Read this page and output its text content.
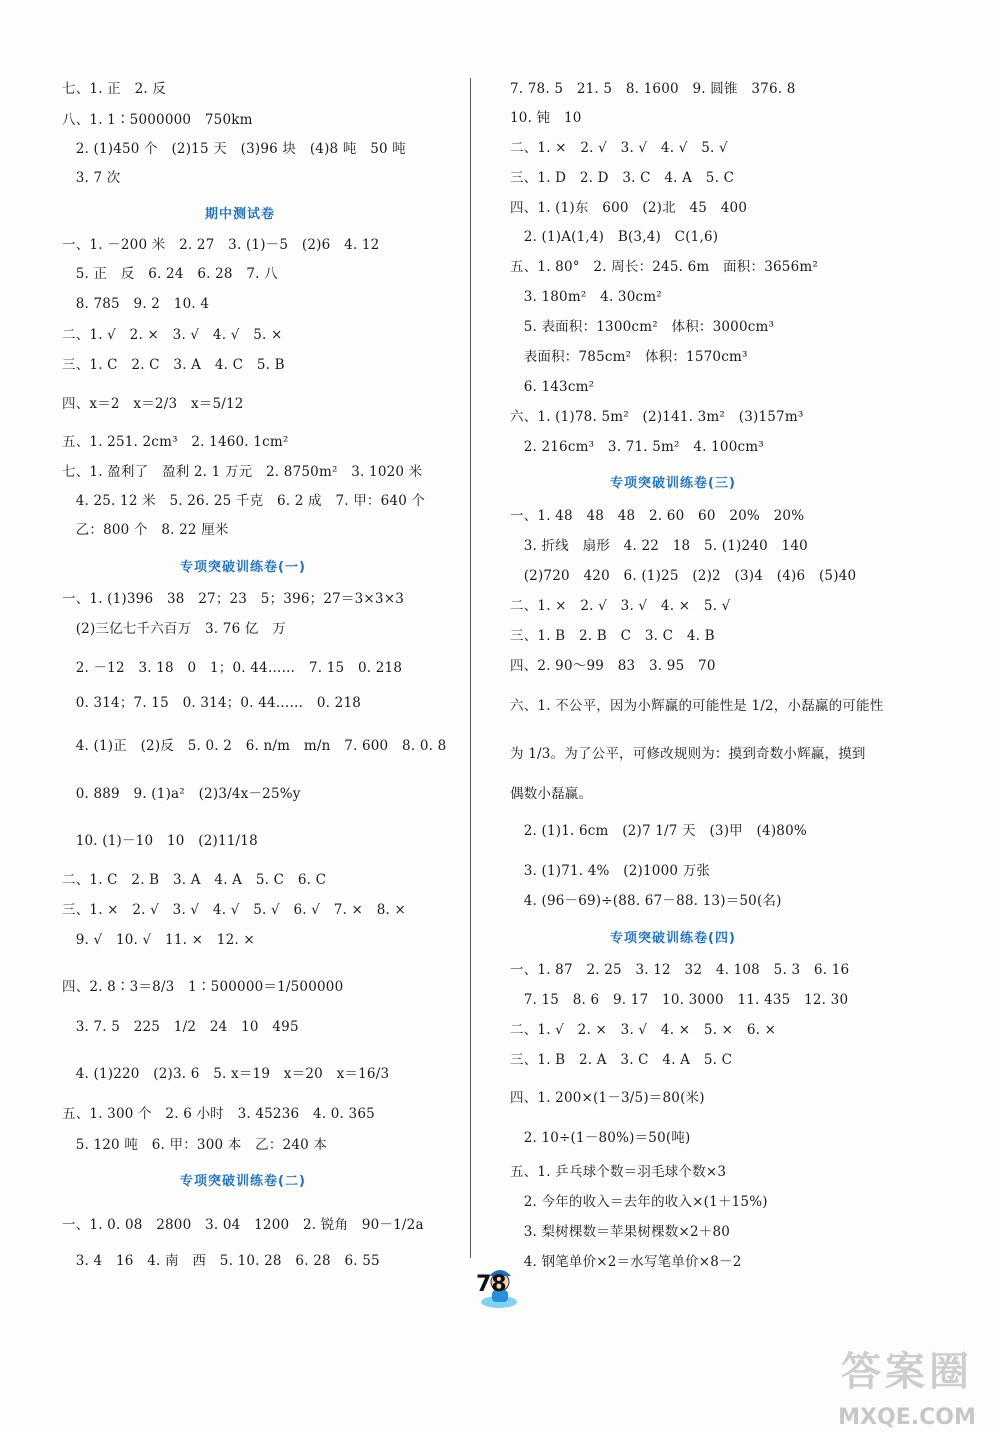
七、1. 正　2. 反
八、1. 1∶5000000　750km
　2. (1)450 个　(2)15 天　(3)96 块　(4)8 吨　50 吨
　3. 7 次
期中测试卷
一、1. －200 米　2. 27　3. (1)－5　(2)6　4. 12
　5. 正　反　6. 24　6. 28　7. 八
　8. 785　9. 2　10. 4
二、1. √　2. ×　3. √　4. √　5. ×
三、1. C　2. C　3. A　4. C　5. B
四、x＝2　x＝2/3　x＝5/12
五、1. 251. 2cm³　2. 1460. 1cm²
七、1. 盈利了　盈利 2. 1 万元　2. 8750m²　3. 1020 米
　4. 25. 12 米　5. 26. 25 千克　6. 2 成　7. 甲：640 个
　乙：800 个　8. 22 厘米
专项突破训练卷(一)
一、1. (1)396　38　27；23　5；396；27＝3×3×3
　(2)三亿七千六百万　3. 76 亿　万
　2. －12　3. 18　0　1；0. 44……　7. 15　0. 218
　0. 314；7. 15　0. 314；0. 44……　0. 218
　4. (1)正　(2)反　5. 0. 2　6. n/m　m/n　7. 600　8. 0. 8
　0. 889　9. (1)a²　(2)3/4x－25%y
　10. (1)－10　10　(2)11/18
二、1. C　2. B　3. A　4. A　5. C　6. C
三、1. ×　2. √　3. √　4. √　5. √　6. √　7. ×　8. ×
　9. √　10. √　11. ×　12. ×
四、2. 8∶3＝8/3　1∶500000＝1/500000
　3. 7. 5　225　1/2　24　10　495
　4. (1)220　(2)3. 6　5. x＝19　x＝20　x＝16/3
五、1. 300 个　2. 6 小时　3. 45236　4. 0. 365
　5. 120 吨　6. 甲：300 本　乙：240 本
专项突破训练卷(二)
一、1. 0. 08　2800　3. 04　1200　2. 锐角　90－1/2a
　3. 4　16　4. 南　西　5. 10. 28　6. 28　6. 55
7. 78. 5　21. 5　8. 1600　9. 圆锥　376. 8
10. 钝　10
二、1. ×　2. √　3. √　4. √　5. √
三、1. D　2. D　3. C　4. A　5. C
四、1. (1)东　600　(2)北　45　400
　2. (1)A(1,4)　B(3,4)　C(1,6)
五、1. 80°　2. 周长：245. 6m　面积：3656m²
　3. 180m²　4. 30cm²
　5. 表面积：1300cm²　体积：3000cm³
　表面积：785cm²　体积：1570cm³
　6. 143cm²
六、1. (1)78. 5m²　(2)141. 3m²　(3)157m³
　2. 216cm³　3. 71. 5m²　4. 100cm³
专项突破训练卷(三)
一、1. 48　48　48　2. 60　60　20%　20%
　3. 折线　扇形　4. 22　18　5. (1)240　140
　(2)720　420　6. (1)25　(2)2　(3)4　(4)6　(5)40
二、1. ×　2. √　3. √　4. ×　5. √
三、1. B　2. B　C　3. C　4. B
四、2. 90～99　83　3. 95　70
六、1. 不公平，因为小辉赢的可能性是 1/2，小磊赢的可能性
为 1/3。为了公平，可修改规则为：摸到奇数小辉赢，摸到
偶数小磊赢。
　2. (1)1. 6cm　(2)7 1/7 天　(3)甲　(4)80%
　3. (1)71. 4%　(2)1000 万张
　4. (96－69)÷(88. 67－88. 13)＝50(名)
专项突破训练卷(四)
一、1. 87　2. 25　3. 12　32　4. 108　5. 3　6. 16
　7. 15　8. 6　9. 17　10. 3000　11. 435　12. 30
二、1. √　2. ×　3. √　4. ×　5. ×　6. ×
三、1. B　2. A　3. C　4. A　5. C
四、1. 200×(1－3/5)＝80(米)
　2. 10÷(1－80%)＝50(吨)
五、1. 乒乓球个数＝羽毛球个数×3
　2. 今年的收入＝去年的收入×(1＋15%)
　3. 梨树棵数＝苹果树棵数×2＋80
　4. 钢笔单价×2＝水写笔单价×8－2
78
答案圈
MXQE.COM
